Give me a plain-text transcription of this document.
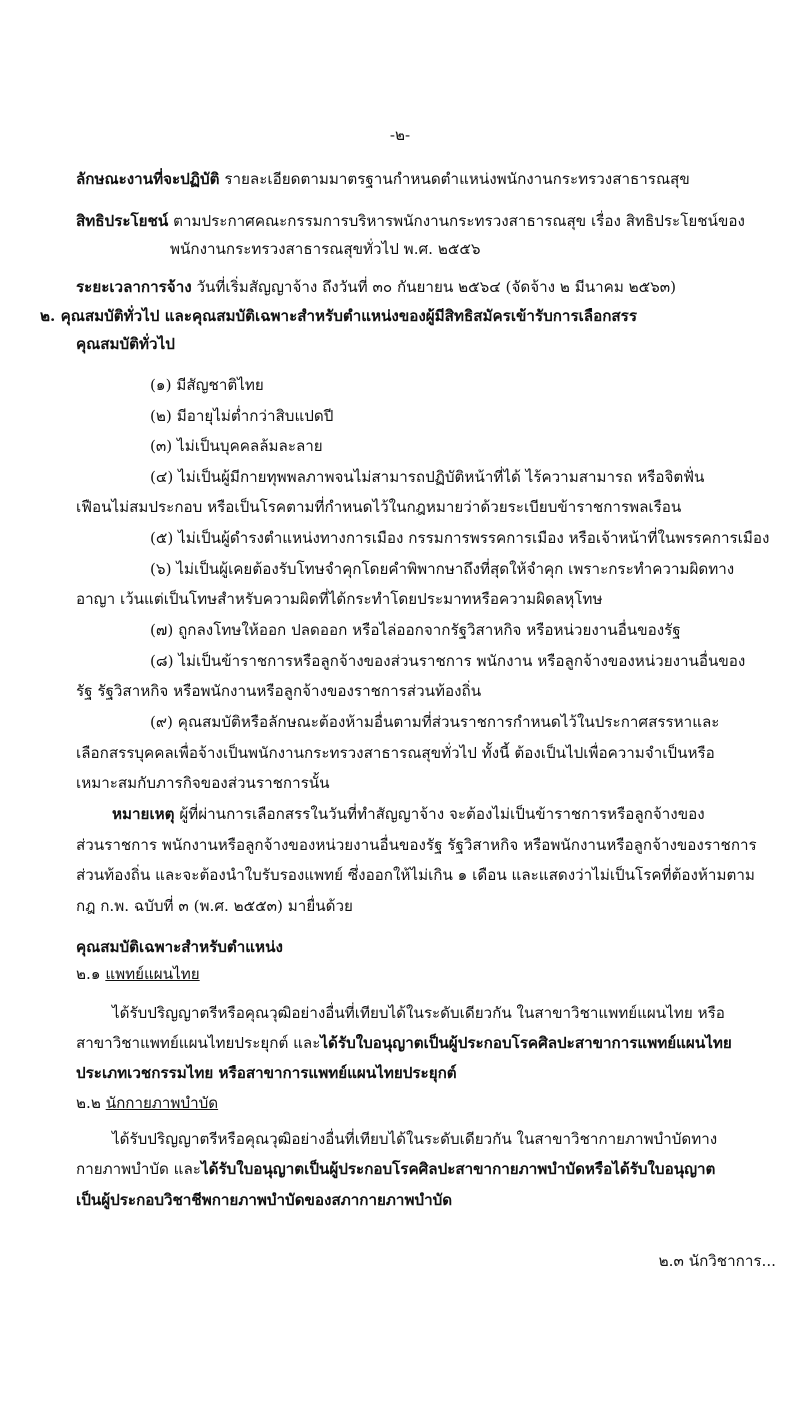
-๒-
ลักษณะงานที่จะปฏิบัติ รายละเอียดตามมาตรฐานกำหนดตำแหน่งพนักงานกระทรวงสาธารณสุข
สิทธิประโยชน์ ตามประกาศคณะกรรมการบริหารพนักงานกระทรวงสาธารณสุข เรื่อง สิทธิประโยชน์ของ
พนักงานกระทรวงสาธารณสุขทั่วไป พ.ศ. ๒๕๕๖
ระยะเวลาการจ้าง วันที่เริ่มสัญญาจ้าง ถึงวันที่ ๓๐ กันยายน ๒๕๖๔ (จัดจ้าง ๒ มีนาคม ๒๕๖๓)
๒. คุณสมบัติทั่วไป และคุณสมบัติเฉพาะสำหรับตำแหน่งของผู้มีสิทธิสมัครเข้ารับการเลือกสรร
คุณสมบัติทั่วไป
(๑) มีสัญชาติไทย
(๒) มีอายุไม่ต่ำกว่าสิบแปดปี
(๓) ไม่เป็นบุคคลล้มละลาย
(๔) ไม่เป็นผู้มีกายทุพพลภาพจนไม่สามารถปฏิบัติหน้าที่ได้ ไร้ความสามารถ หรือจิตฟั่น
เฟือนไม่สมประกอบ หรือเป็นโรคตามที่กำหนดไว้ในกฎหมายว่าด้วยระเบียบข้าราชการพลเรือน
(๕) ไม่เป็นผู้ดำรงตำแหน่งทางการเมือง กรรมการพรรคการเมือง หรือเจ้าหน้าที่ในพรรคการเมือง
(๖) ไม่เป็นผู้เคยต้องรับโทษจำคุกโดยคำพิพากษาถึงที่สุดให้จำคุก เพราะกระทำความผิดทาง
อาญา เว้นแต่เป็นโทษสำหรับความผิดที่ได้กระทำโดยประมาทหรือความผิดลหุโทษ
(๗) ถูกลงโทษให้ออก ปลดออก หรือไล่ออกจากรัฐวิสาหกิจ หรือหน่วยงานอื่นของรัฐ
(๘) ไม่เป็นข้าราชการหรือลูกจ้างของส่วนราชการ พนักงาน หรือลูกจ้างของหน่วยงานอื่นของ
รัฐ รัฐวิสาหกิจ หรือพนักงานหรือลูกจ้างของราชการส่วนท้องถิ่น
(๙) คุณสมบัติหรือลักษณะต้องห้ามอื่นตามที่ส่วนราชการกำหนดไว้ในประกาศสรรหาและ
เลือกสรรบุคคลเพื่อจ้างเป็นพนักงานกระทรวงสาธารณสุขทั่วไป ทั้งนี้ ต้องเป็นไปเพื่อความจำเป็นหรือ
เหมาะสมกับภารกิจของส่วนราชการนั้น
หมายเหตุ ผู้ที่ผ่านการเลือกสรรในวันที่ทำสัญญาจ้าง จะต้องไม่เป็นข้าราชการหรือลูกจ้างของ
ส่วนราชการ พนักงานหรือลูกจ้างของหน่วยงานอื่นของรัฐ รัฐวิสาหกิจ หรือพนักงานหรือลูกจ้างของราชการ
ส่วนท้องถิ่น และจะต้องนำใบรับรองแพทย์ ซึ่งออกให้ไม่เกิน ๑ เดือน และแสดงว่าไม่เป็นโรคที่ต้องห้ามตาม
กฎ ก.พ. ฉบับที่ ๓ (พ.ศ. ๒๕๕๓) มายื่นด้วย
คุณสมบัติเฉพาะสำหรับตำแหน่ง
๒.๑ แพทย์แผนไทย
ได้รับปริญญาตรีหรือคุณวุฒิอย่างอื่นที่เทียบได้ในระดับเดียวกัน ในสาขาวิชาแพทย์แผนไทย หรือ
สาขาวิชาแพทย์แผนไทยประยุกต์ และได้รับใบอนุญาตเป็นผู้ประกอบโรคศิลปะสาขาการแพทย์แผนไทย
ประเภทเวชกรรมไทย หรือสาขาการแพทย์แผนไทยประยุกต์
๒.๒ นักกายภาพบำบัด
ได้รับปริญญาตรีหรือคุณวุฒิอย่างอื่นที่เทียบได้ในระดับเดียวกัน ในสาขาวิชากายภาพบำบัดทาง
กายภาพบำบัด และได้รับใบอนุญาตเป็นผู้ประกอบโรคศิลปะสาขากายภาพบำบัดหรือได้รับใบอนุญาต
เป็นผู้ประกอบวิชาชีพกายภาพบำบัดของสภากายภาพบำบัด
๒.๓ นักวิชาการ...
